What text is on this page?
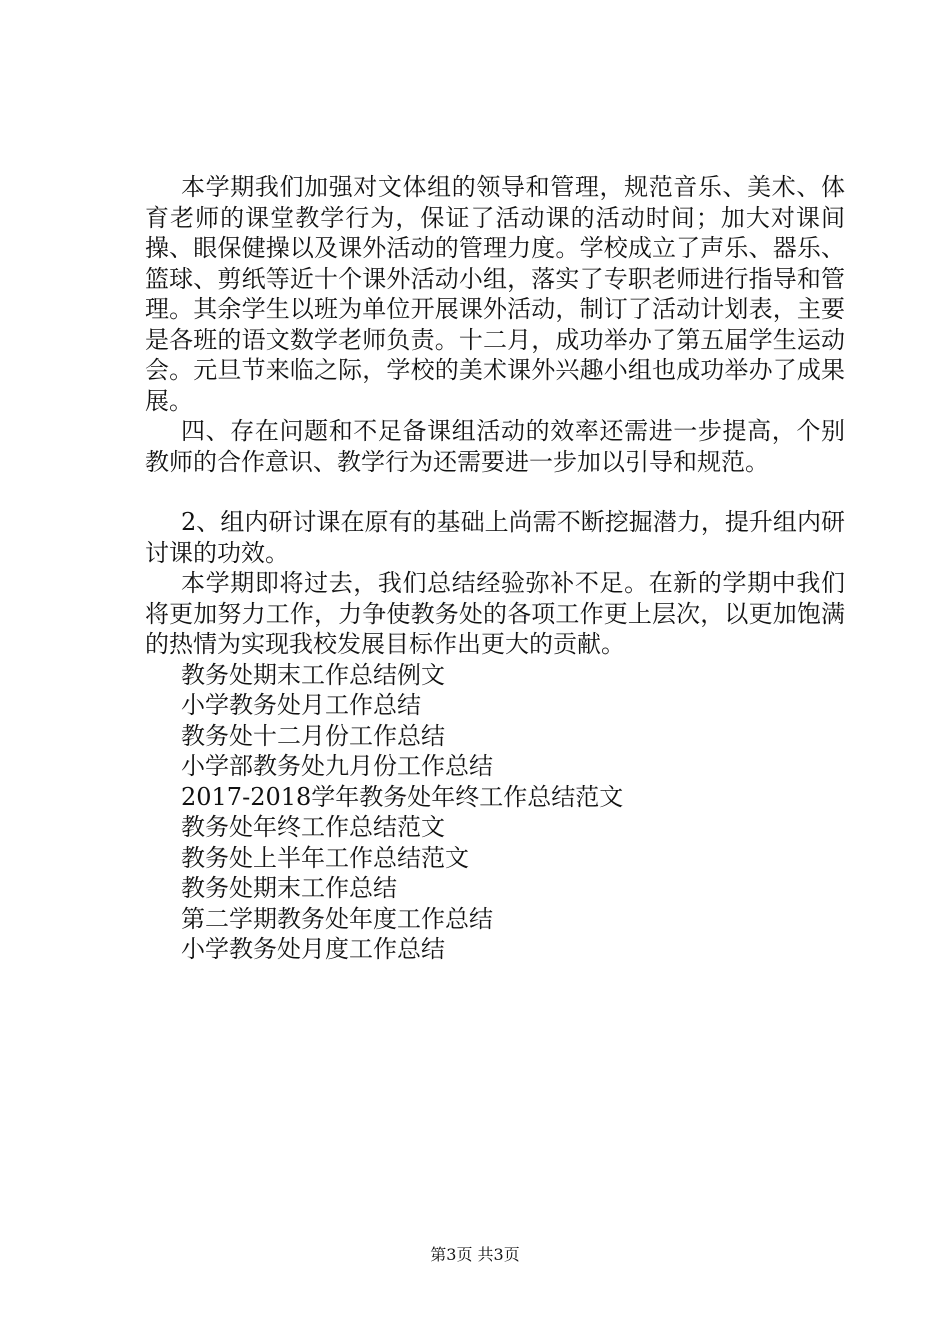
本学期我们加强对文体组的领导和管理，规范音乐、美术、体育老师的课堂教学行为，保证了活动课的活动时间；加大对课间操、眼保健操以及课外活动的管理力度。学校成立了声乐、器乐、篮球、剪纸等近十个课外活动小组，落实了专职老师进行指导和管理。其余学生以班为单位开展课外活动，制订了活动计划表，主要是各班的语文数学老师负责。十二月，成功举办了第五届学生运动会。元旦节来临之际，学校的美术课外兴趣小组也成功举办了成果展。

四、存在问题和不足备课组活动的效率还需进一步提高，个别教师的合作意识、教学行为还需要进一步加以引导和规范。

2、组内研讨课在原有的基础上尚需不断挖掘潜力，提升组内研讨课的功效。

本学期即将过去，我们总结经验弥补不足。在新的学期中我们将更加努力工作，力争使教务处的各项工作更上层次，以更加饱满的热情为实现我校发展目标作出更大的贡献。

教务处期末工作总结例文
小学教务处月工作总结
教务处十二月份工作总结
小学部教务处九月份工作总结
2017-2018学年教务处年终工作总结范文
教务处年终工作总结范文
教务处上半年工作总结范文
教务处期末工作总结
第二学期教务处年度工作总结
小学教务处月度工作总结
第3页 共3页
